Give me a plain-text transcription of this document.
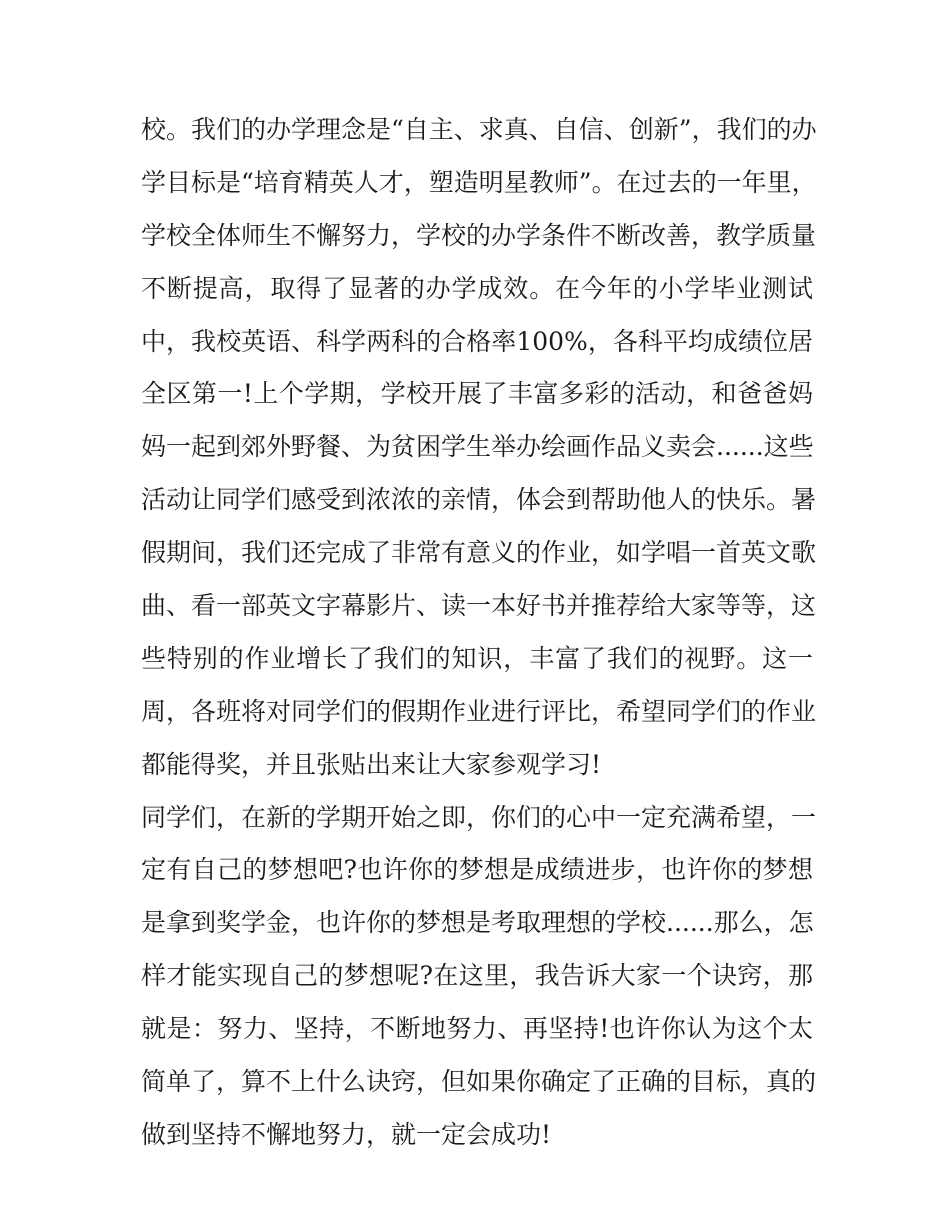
校。我们的办学理念是“自主、求真、自信、创新”，我们的办
学目标是“培育精英人才，塑造明星教师”。在过去的一年里，
学校全体师生不懈努力，学校的办学条件不断改善，教学质量
不断提高，取得了显著的办学成效。在今年的小学毕业测试
中，我校英语、科学两科的合格率100%，各科平均成绩位居
全区第一!上个学期，学校开展了丰富多彩的活动，和爸爸妈
妈一起到郊外野餐、为贫困学生举办绘画作品义卖会......这些
活动让同学们感受到浓浓的亲情，体会到帮助他人的快乐。暑
假期间，我们还完成了非常有意义的作业，如学唱一首英文歌
曲、看一部英文字幕影片、读一本好书并推荐给大家等等，这
些特别的作业增长了我们的知识，丰富了我们的视野。这一
周，各班将对同学们的假期作业进行评比，希望同学们的作业
都能得奖，并且张贴出来让大家参观学习!
同学们，在新的学期开始之即，你们的心中一定充满希望，一
定有自己的梦想吧?也许你的梦想是成绩进步，也许你的梦想
是拿到奖学金，也许你的梦想是考取理想的学校......那么，怎
样才能实现自己的梦想呢?在这里，我告诉大家一个诀窍，那
就是：努力、坚持，不断地努力、再坚持!也许你认为这个太
简单了，算不上什么诀窍，但如果你确定了正确的目标，真的
做到坚持不懈地努力，就一定会成功!
